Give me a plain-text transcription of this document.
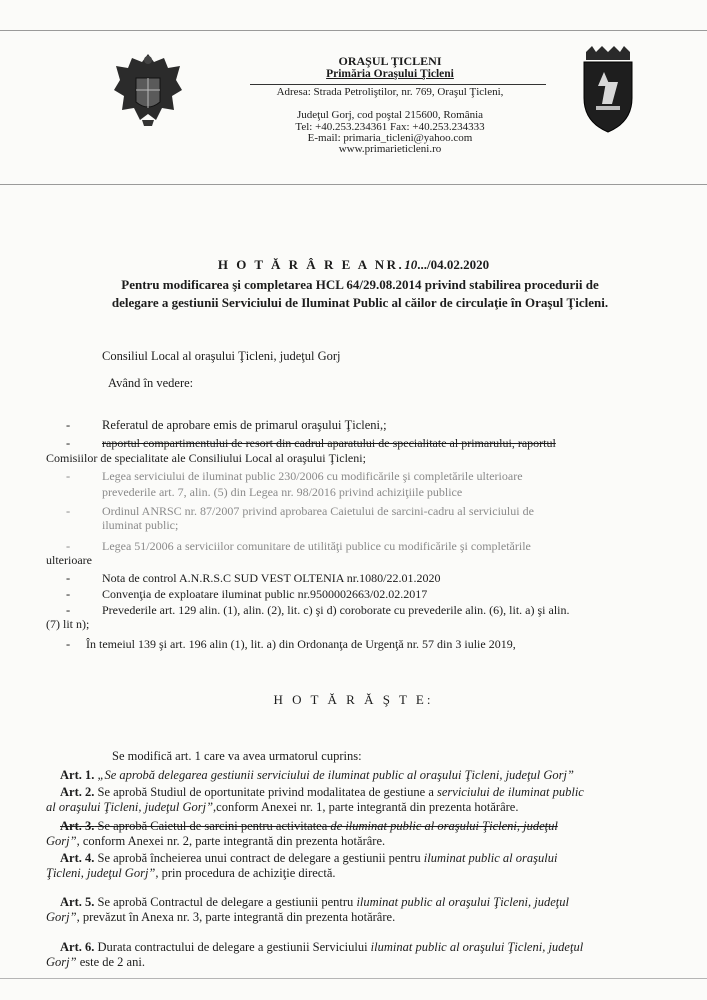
ORAŞUL ŢICLENI
Primăria Oraşului Ţicleni
Adresa: Strada Petroliştilor, nr. 769, Oraşul Ţicleni,
Judeţul Gorj, cod poştal 215600, România
Tel: +40.253.234361 Fax: +40.253.234333
E-mail: primaria_ticleni@yahoo.com
www.primarieticleni.ro
H O T Ă R Â R E A NR.10.../04.02.2020
Pentru modificarea şi completarea HCL 64/29.08.2014 privind stabilirea procedurii de
delegare a gestiunii Serviciului de Iluminat Public al căilor de circulaţie în Oraşul Ţicleni.
Consiliul Local al oraşului Ţicleni, judeţul Gorj
Având în vedere:
-	Referatul de aprobare emis de primarul oraşului Ţicleni,;
-	raportul compartimentului de resort din cadrul aparatului de specialitate al primarului, raportul
Comisiilor de specialitate ale Consiliului Local al oraşului Ţicleni;
-	Legea serviciului de iluminat public 230/2006 cu modificările şi completările ulterioare
prevederile art. 7, alin. (5) din Legea nr. 98/2016 privind achiziţiile publice
-	Ordinul ANRSC nr. 87/2007 privind aprobarea Caietului de sarcini-cadru al serviciului de
iluminat public;
-	Legea 51/2006 a serviciilor comunitare de utilităţi publice cu modificările şi completările
ulterioare
-	Nota de control A.N.R.S.C SUD VEST OLTENIA nr.1080/22.01.2020
-	Convenţia de exploatare iluminat public nr.9500002663/02.02.2017
-	Prevederile art. 129 alin. (1), alin. (2), lit. c) şi d) coroborate cu prevederile alin. (6), lit. a) şi alin.
(7) lit n);
- În temeiul 139 şi art. 196 alin (1), lit. a) din Ordonanţa de Urgenţă nr. 57 din 3 iulie 2019,
H O T Ă R Ă Ş T E:
Se modifică art. 1 care va avea urmatorul cuprins:
Art. 1. „Se aprobă delegarea gestiunii serviciului de iluminat public al oraşului Ţicleni, judeţul Gorj”
Art. 2. Se aprobă Studiul de oportunitate privind modalitatea de gestiune a serviciului de iluminat public
al oraşului Ţicleni, judeţul Gorj”,conform Anexei nr. 1, parte integrantă din prezenta hotărâre.
Art. 3. Se aprobă Caietul de sarcini pentru activitatea de iluminat public al oraşului Ţicleni, judeţul
Gorj”, conform Anexei nr. 2, parte integrantă din prezenta hotărâre.
Art. 4. Se aprobă încheierea unui contract de delegare a gestiunii pentru iluminat public al oraşului
Ţicleni, judeţul Gorj”, prin procedura de achiziţie directă.
Art. 5. Se aprobă Contractul de delegare a gestiunii pentru iluminat public al oraşului Ţicleni, judeţul
Gorj”, prevăzut în Anexa nr. 3, parte integrantă din prezenta hotărâre.
Art. 6. Durata contractului de delegare a gestiunii Serviciului iluminat public al oraşului Ţicleni, judeţul
Gorj” este de 2 ani.
